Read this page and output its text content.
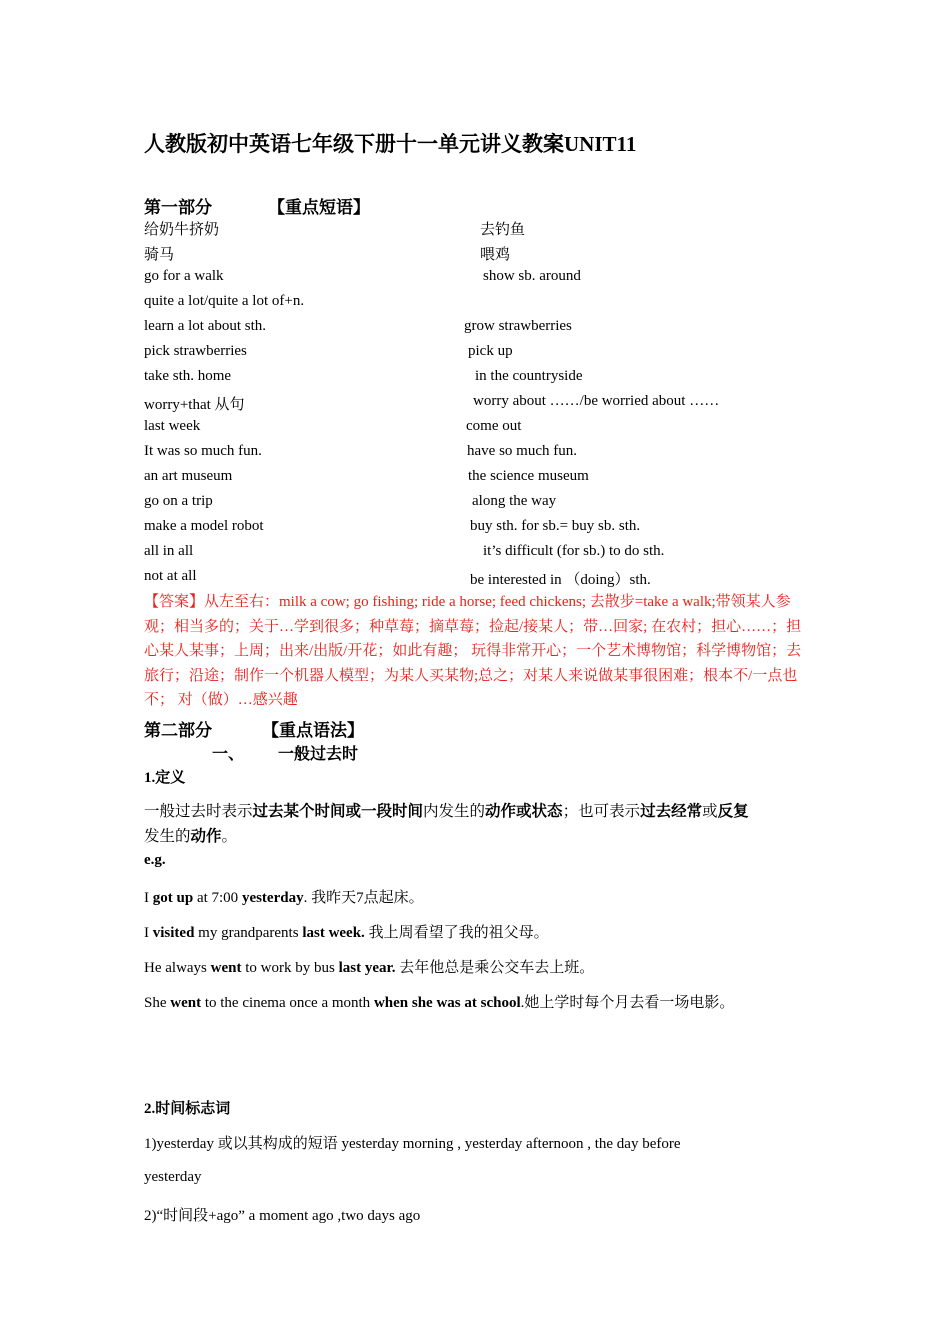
人教版初中英语七年级下册十一单元讲义教案UNIT11
第一部分	【重点短语】
给奶牛挤奶	去钓鱼
骑马	喂鸡
go for a walk	show sb. around
quite a lot/quite a lot of+n.
learn a lot about sth.	grow strawberries
pick strawberries	pick up
take sth. home	in the countryside
worry+that 从句	worry about ……/be worried about ……
last week	come out
It was so much fun.	have so much fun.
an art museum	the science museum
go on a trip	along the way
make a model robot	buy sth. for sb.= buy sb. sth.
all in all	it’s difficult (for sb.) to do sth.
not at all	be interested in （doing）sth.
【答案】从左至右：milk a cow; go fishing; ride a horse; feed chickens; 去散步=take a walk;带领某人参观；相当多的；关于…学到很多；种草莓；摘草莓；捡起/接某人；带…回家; 在农村；担心……；担心某人某事；上周；出来/出版/开花；如此有趣； 玩得非常开心；一个艺术博物馆；科学博物馆；去旅行；沿途；制作一个机器人模型；为某人买某物;总之；对某人来说做某事很困难；根本不/一点也不； 对（做）…感兴趣
第二部分	【重点语法】
一、 一般过去时
1.定义
一般过去时表示过去某个时间或一段时间内发生的动作或状态；也可表示过去经常或反复
发生的动作。
e.g.
I got up at 7:00 yesterday. 我昨天7点起床。
I visited my grandparents last week. 我上周看望了我的祖父母。
He always went to work by bus last year. 去年他总是乘公交车去上班。
She went to the cinema once a month when she was at school.她上学时每个月去看一场电影。
2.时间标志词
1)yesterday 或以其构成的短语 yesterday morning , yesterday afternoon , the day before
yesterday
2)“时间段+ago” a moment ago ,two days ago
